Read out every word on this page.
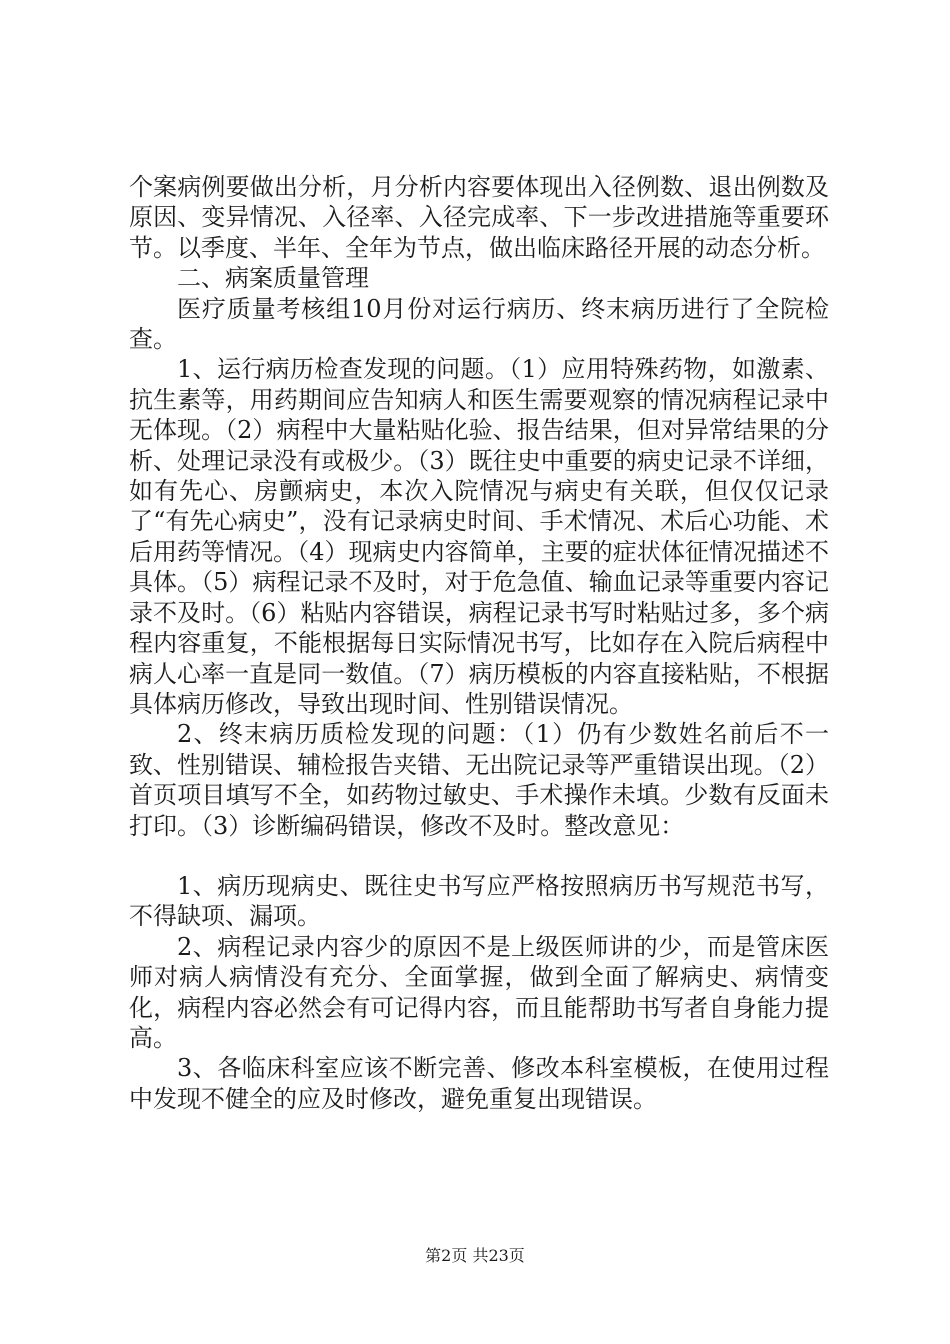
个案病例要做出分析，月分析内容要体现出入径例数、退出例数及原因、变异情况、入径率、入径完成率、下一步改进措施等重要环节。以季度、半年、全年为节点，做出临床路径开展的动态分析。

二、病案质量管理

医疗质量考核组10月份对运行病历、终末病历进行了全院检查。

1、运行病历检查发现的问题。（1）应用特殊药物，如激素、抗生素等，用药期间应告知病人和医生需要观察的情况病程记录中无体现。（2）病程中大量粘贴化验、报告结果，但对异常结果的分析、处理记录没有或极少。（3）既往史中重要的病史记录不详细，如有先心、房颤病史，本次入院情况与病史有关联，但仅仅记录了“有先心病史”，没有记录病史时间、手术情况、术后心功能、术后用药等情况。（4）现病史内容简单，主要的症状体征情况描述不具体。（5）病程记录不及时，对于危急值、输血记录等重要内容记录不及时。（6）粘贴内容错误，病程记录书写时粘贴过多，多个病程内容重复，不能根据每日实际情况书写，比如存在入院后病程中病人心率一直是同一数值。（7）病历模板的内容直接粘贴，不根据具体病历修改，导致出现时间、性别错误情况。

2、终末病历质检发现的问题：（1）仍有少数姓名前后不一致、性别错误、辅检报告夹错、无出院记录等严重错误出现。（2）首页项目填写不全，如药物过敏史、手术操作未填。少数有反面未打印。（3）诊断编码错误，修改不及时。整改意见：

1、病历现病史、既往史书写应严格按照病历书写规范书写，不得缺项、漏项。

2、病程记录内容少的原因不是上级医师讲的少，而是管床医师对病人病情没有充分、全面掌握，做到全面了解病史、病情变化，病程内容必然会有可记得内容，而且能帮助书写者自身能力提高。

3、各临床科室应该不断完善、修改本科室模板，在使用过程中发现不健全的应及时修改，避免重复出现错误。

第2页 共23页
